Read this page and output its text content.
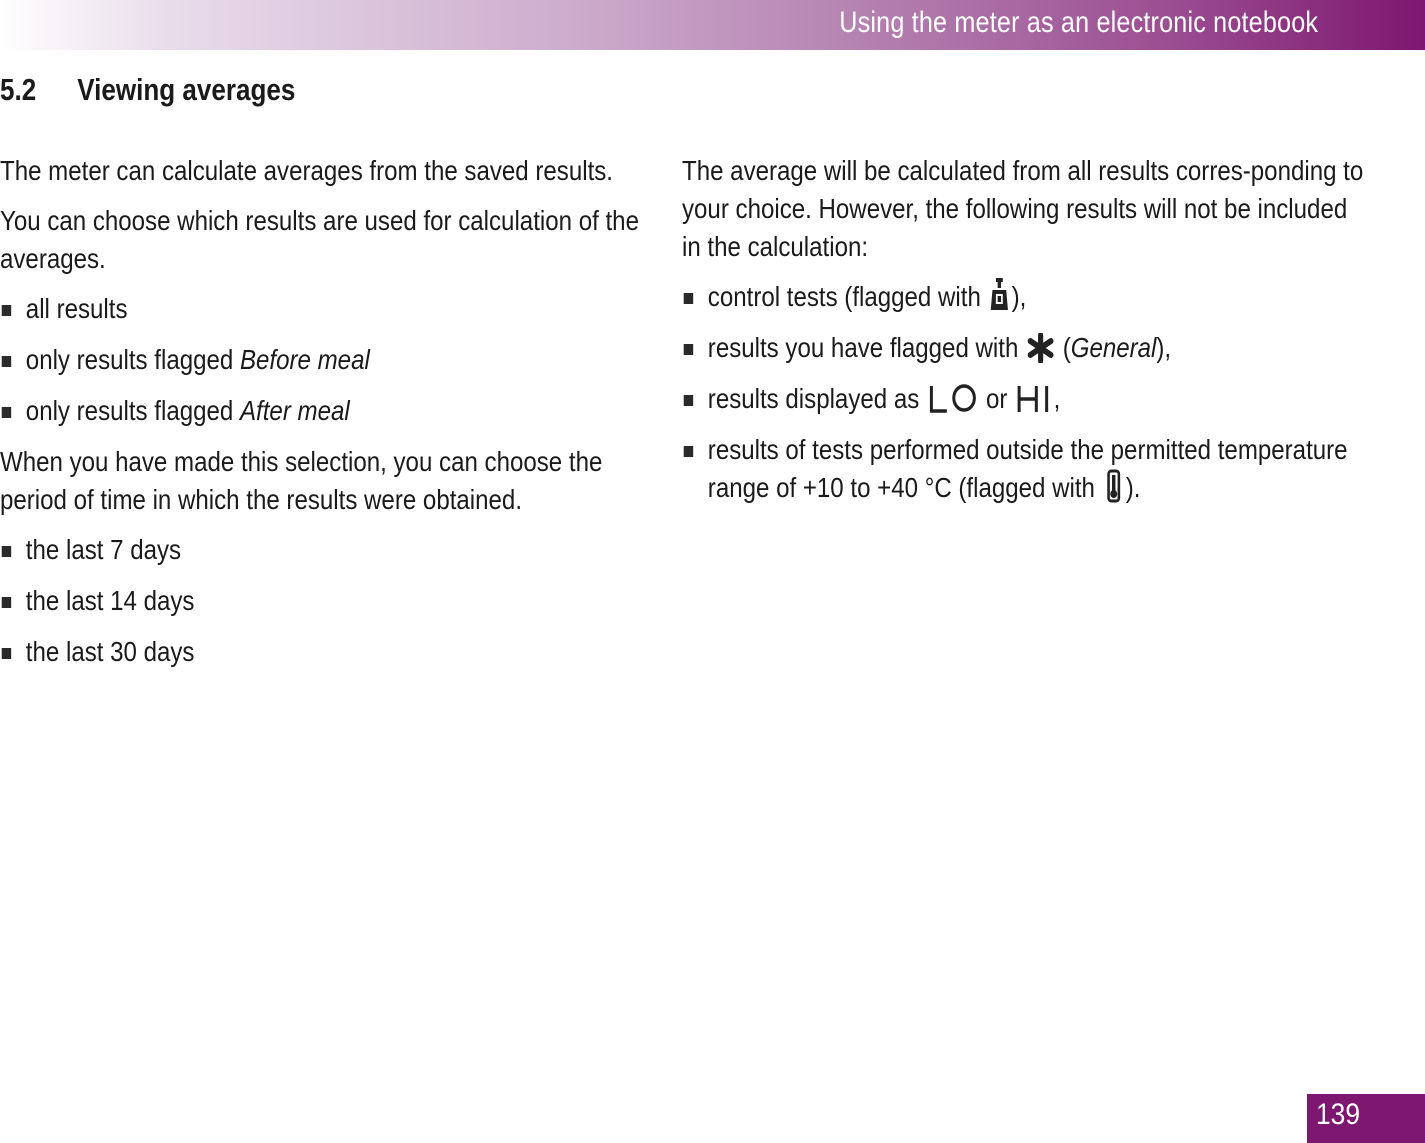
Using the meter as an electronic notebook
5.2 Viewing averages

The meter can calculate averages from the saved results.

You can choose which results are used for calculation of the averages.

all results
only results flagged Before meal
only results flagged After meal

When you have made this selection, you can choose the period of time in which the results were obtained.

the last 7 days
the last 14 days
the last 30 days

The average will be calculated from all results corres-ponding to your choice. However, the following results will not be included in the calculation:

control tests (flagged with ),
results you have flagged with  (General),
results displayed as  or ,
results of tests performed outside the permitted temperature range of +10 to +40 °C (flagged with ).
139
